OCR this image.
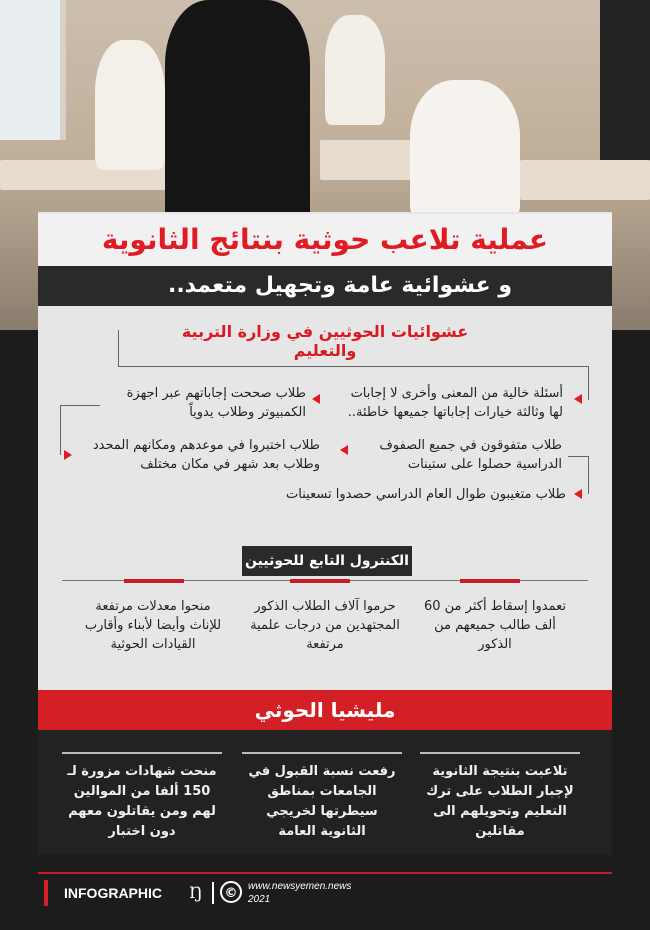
عملية تلاعب حوثية بنتائج الثانوية
و عشوائية عامة وتجهيل متعمد..
عشوائيات الحوثيين في وزارة التربية والتعليم
أسئلة خالية من المعنى وأخرى لا إجابات لها وثالثة خيارات إجاباتها جميعها خاطئة..
طلاب صححت إجاباتهم عبر اجهزة الكمبيوتر وطلاب يدوياً
طلاب متفوقون في جميع الصفوف الدراسية حصلوا على ستينات
طلاب اختبروا في موعدهم ومكانهم المحدد وطلاب بعد شهر في مكان مختلف
طلاب متغيبون طوال العام الدراسي حصدوا تسعينات
الكنترول التابع للحوثيين
تعمدوا إسقاط أكثر من 60 ألف طالب جميعهم من الذكور
حرموا آلاف الطلاب الذكور المجتهدين من درجات علمية مرتفعة
منحوا معدلات مرتفعة للإناث وأيضا لأبناء وأقارب القيادات الحوثية
مليشيا الحوثي
تلاعبت بنتيجة الثانوية لإجبار الطلاب على ترك التعليم وتحويلهم الى مقاتلين
رفعت نسبة القبول في الجامعات بمناطق سيطرتها لخريجي الثانوية العامة
منحت شهادات مزورة لـ 150 ألفا من الموالين لهم ومن يقاتلون معهم دون اختبار
INFOGRAPHIC	Ŋ	©	www.newsyemen.news
2021
